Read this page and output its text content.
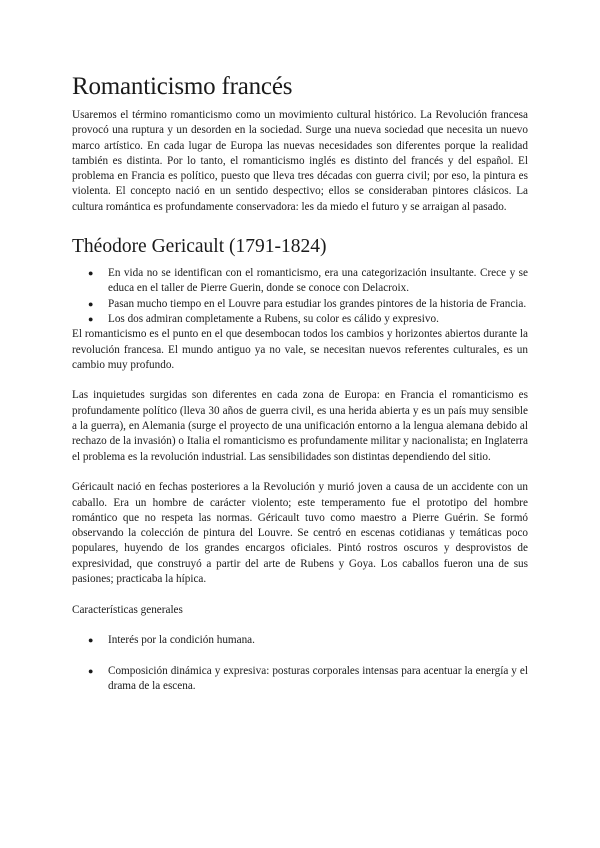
Romanticismo francés

Usaremos el término romanticismo como un movimiento cultural histórico. La Revolución francesa provocó una ruptura y un desorden en la sociedad. Surge una nueva sociedad que necesita un nuevo marco artístico. En cada lugar de Europa las nuevas necesidades son diferentes porque la realidad también es distinta. Por lo tanto, el romanticismo inglés es distinto del francés y del español. El problema en Francia es político, puesto que lleva tres décadas con guerra civil; por eso, la pintura es violenta. El concepto nació en un sentido despectivo; ellos se consideraban pintores clásicos. La cultura romántica es profundamente conservadora: les da miedo el futuro y se arraigan al pasado.

Théodore Gericault (1791-1824)
● En vida no se identifican con el romanticismo, era una categorización insultante. Crece y se educa en el taller de Pierre Guerin, donde se conoce con Delacroix.
● Pasan mucho tiempo en el Louvre para estudiar los grandes pintores de la historia de Francia.
● Los dos admiran completamente a Rubens, su color es cálido y expresivo.

El romanticismo es el punto en el que desembocan todos los cambios y horizontes abiertos durante la revolución francesa. El mundo antiguo ya no vale, se necesitan nuevos referentes culturales, es un cambio muy profundo.

Las inquietudes surgidas son diferentes en cada zona de Europa: en Francia el romanticismo es profundamente político (lleva 30 años de guerra civil, es una herida abierta y es un país muy sensible a la guerra), en Alemania (surge el proyecto de una unificación entorno a la lengua alemana debido al rechazo de la invasión) o Italia el romanticismo es profundamente militar y nacionalista; en Inglaterra el problema es la revolución industrial. Las sensibilidades son distintas dependiendo del sitio.

Géricault nació en fechas posteriores a la Revolución y murió joven a causa de un accidente con un caballo. Era un hombre de carácter violento; este temperamento fue el prototipo del hombre romántico que no respeta las normas. Géricault tuvo como maestro a Pierre Guérin. Se formó observando la colección de pintura del Louvre. Se centró en escenas cotidianas y temáticas poco populares, huyendo de los grandes encargos oficiales. Pintó rostros oscuros y desprovistos de expresividad, que construyó a partir del arte de Rubens y Goya. Los caballos fueron una de sus pasiones; practicaba la hípica.

Características generales

● Interés por la condición humana.
● Composición dinámica y expresiva: posturas corporales intensas para acentuar la energía y el drama de la escena.
